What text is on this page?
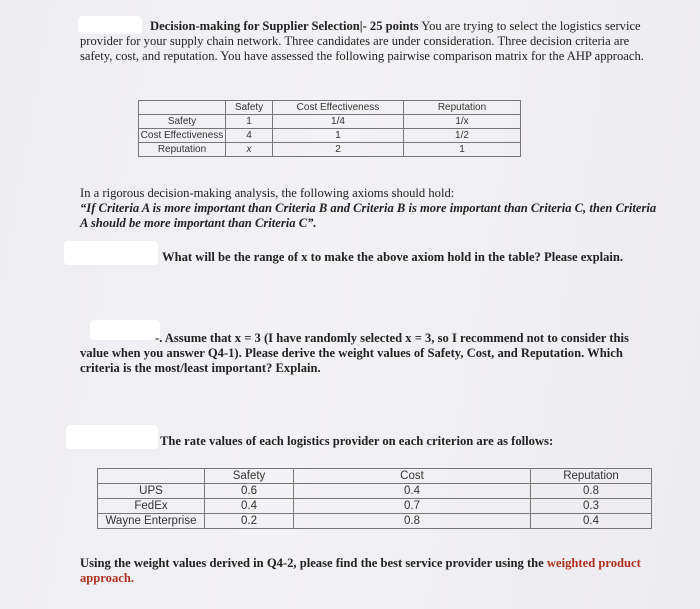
Decision-making for Supplier Selection|- 25 points You are trying to select the logistics service provider for your supply chain network. Three candidates are under consideration. Three decision criteria are safety, cost, and reputation. You have assessed the following pairwise comparison matrix for the AHP approach.
	Safety	Cost Effectiveness	Reputation
Safety	1	1/4	1/x
Cost Effectiveness	4	1	1/2
Reputation	x	2	1
In a rigorous decision-making analysis, the following axioms should hold:
“If Criteria A is more important than Criteria B and Criteria B is more important than Criteria C, then Criteria A should be more important than Criteria C”.
What will be the range of x to make the above axiom hold in the table? Please explain.
-. Assume that x = 3 (I have randomly selected x = 3, so I recommend not to consider this value when you answer Q4-1). Please derive the weight values of Safety, Cost, and Reputation. Which criteria is the most/least important? Explain.
The rate values of each logistics provider on each criterion are as follows:
	Safety	Cost	Reputation
UPS	0.6	0.4	0.8
FedEx	0.4	0.7	0.3
Wayne Enterprise	0.2	0.8	0.4
Using the weight values derived in Q4-2, please find the best service provider using the weighted product approach.
